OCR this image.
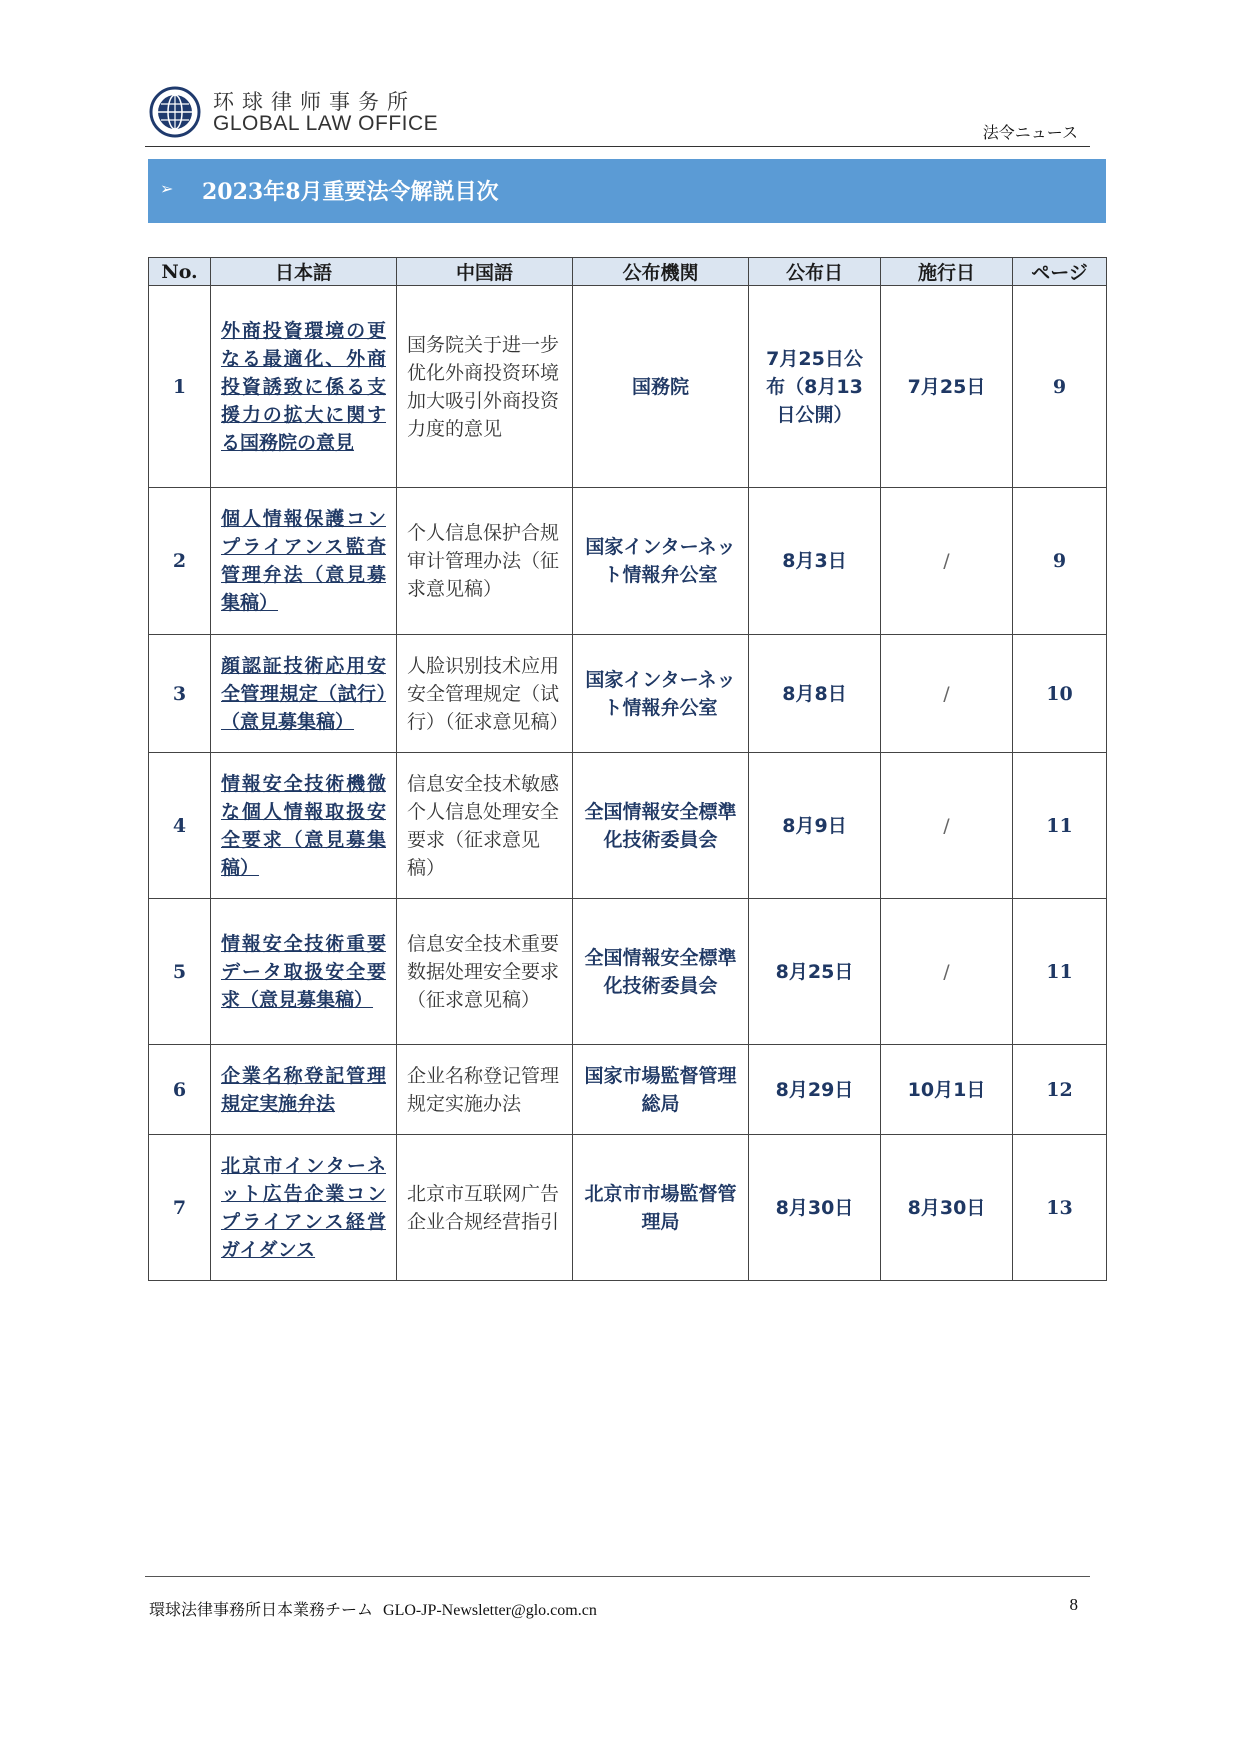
环球律师事务所
GLOBAL LAW OFFICE	法令ニュース
➢ 2023年8月重要法令解説目次
No.	日本語	中国語	公布機関	公布日	施行日	ページ
1	外商投資環境の更なる最適化、外商投資誘致に係る支援力の拡大に関する国務院の意見	国务院关于进一步优化外商投资环境加大吸引外商投资力度的意见	国務院	7月25日公布（8月13日公開）	7月25日	9
2	個人情報保護コンプライアンス監査管理弁法（意見募集稿）	个人信息保护合规审计管理办法（征求意见稿）	国家インターネット情報弁公室	8月3日	/	9
3	顔認証技術応用安全管理規定（試行）（意見募集稿）	人脸识别技术应用安全管理规定（试行）（征求意见稿）	国家インターネット情報弁公室	8月8日	/	10
4	情報安全技術機微な個人情報取扱安全要求（意見募集稿）	信息安全技术敏感个人信息处理安全要求（征求意见稿）	全国情報安全標準化技術委員会	8月9日	/	11
5	情報安全技術重要データ取扱安全要求（意見募集稿）	信息安全技术重要数据处理安全要求（征求意见稿）	全国情報安全標準化技術委員会	8月25日	/	11
6	企業名称登記管理規定実施弁法	企业名称登记管理规定实施办法	国家市場監督管理総局	8月29日	10月1日	12
7	北京市インターネット広告企業コンプライアンス経営ガイダンス	北京市互联网广告企业合规经营指引	北京市市場監督管理局	8月30日	8月30日	13
環球法律事務所日本業務チーム GLO-JP-Newsletter@glo.com.cn	8
